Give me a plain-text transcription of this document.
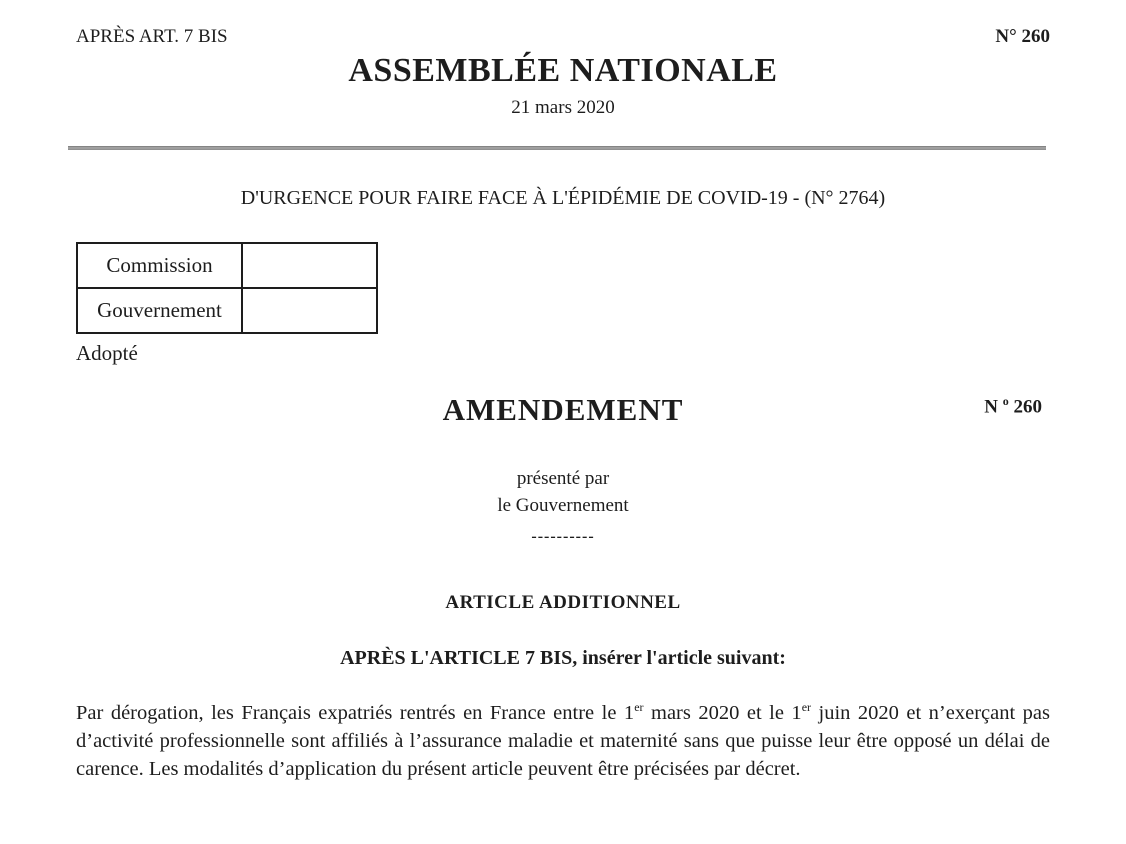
APRÈS ART. 7 BIS	N° 260
ASSEMBLÉE NATIONALE
21 mars 2020
D'URGENCE POUR FAIRE FACE À L'ÉPIDÉMIE DE COVID-19 - (N° 2764)
Commission	
Gouvernement	
Adopté
AMENDEMENT	N $^o$ 260
présenté par
le Gouvernement
----------
ARTICLE ADDITIONNEL
APRÈS L'ARTICLE 7 BIS, insérer l'article suivant:

Par dérogation, les Français expatriés rentrés en France entre le 1er mars 2020 et le 1er juin 2020 et n’exerçant pas d’activité professionnelle sont affiliés à l’assurance maladie et maternité sans que puisse leur être opposé un délai de carence. Les modalités d’application du présent article peuvent être précisées par décret.
